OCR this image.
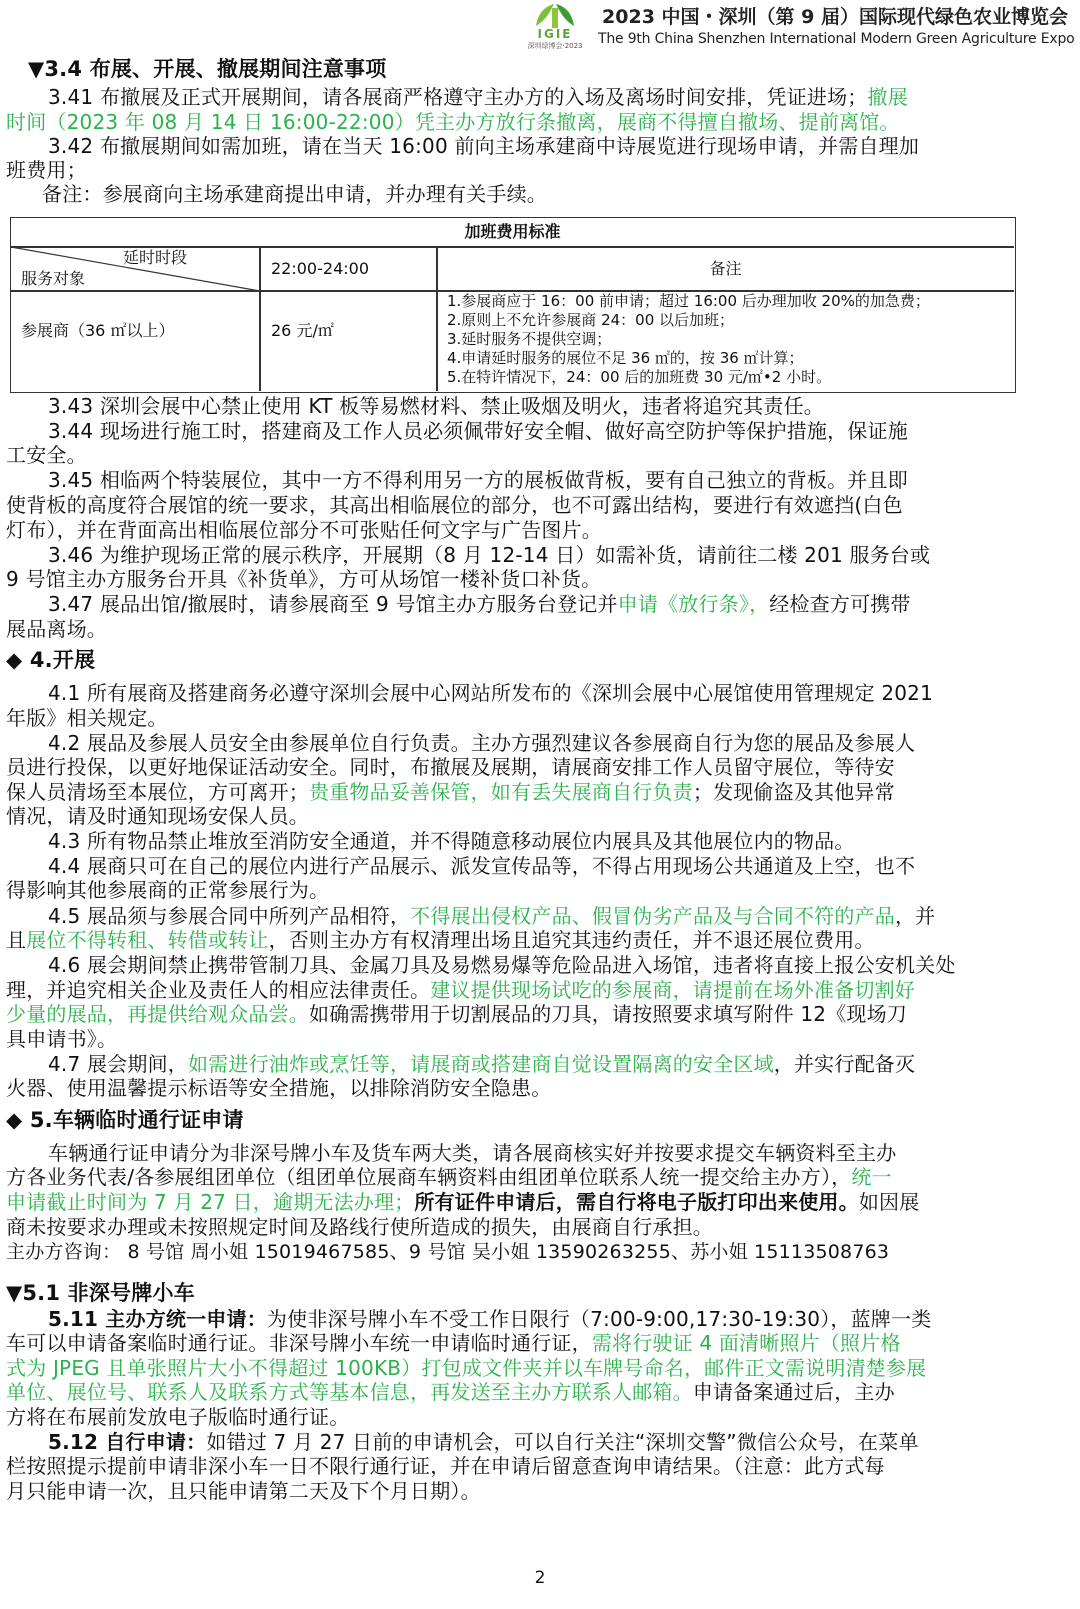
IGIE
深圳绿博会·2023
2023 中国・深圳（第 9 届）国际现代绿色农业博览会
The 9th China Shenzhen International Modern Green Agriculture Expo
▼3.4 布展、开展、撤展期间注意事项
3.41 布撤展及正式开展期间，请各展商严格遵守主办方的入场及离场时间安排，凭证进场；撤展
时间（2023 年 08 月 14 日 16:00-22:00）凭主办方放行条撤离，展商不得擅自撤场、提前离馆。
3.42 布撤展期间如需加班，请在当天 16:00 前向主场承建商中诗展览进行现场申请，并需自理加
班费用；
备注：参展商向主场承建商提出申请，并办理有关手续。
加班费用标准
延时时段
服务对象
22:00-24:00	备注
参展商（36 ㎡以上）	26 元/㎡
1.参展商应于 16：00 前申请；超过 16:00 后办理加收 20%的加急费；
2.原则上不允许参展商 24：00 以后加班；
3.延时服务不提供空调；
4.申请延时服务的展位不足 36 ㎡的，按 36 ㎡计算；
5.在特许情况下，24：00 后的加班费 30 元/㎡•2 小时。
3.43 深圳会展中心禁止使用 KT 板等易燃材料、禁止吸烟及明火，违者将追究其责任。
3.44 现场进行施工时，搭建商及工作人员必须佩带好安全帽、做好高空防护等保护措施，保证施
工安全。
3.45 相临两个特装展位，其中一方不得利用另一方的展板做背板，要有自己独立的背板。并且即
使背板的高度符合展馆的统一要求，其高出相临展位的部分，也不可露出结构，要进行有效遮挡(白色
灯布），并在背面高出相临展位部分不可张贴任何文字与广告图片。
3.46 为维护现场正常的展示秩序，开展期（8 月 12-14 日）如需补货，请前往二楼 201 服务台或
9 号馆主办方服务台开具《补货单》，方可从场馆一楼补货口补货。
3.47 展品出馆/撤展时，请参展商至 9 号馆主办方服务台登记并申请《放行条》，经检查方可携带
展品离场。
◆ 4.开展
4.1 所有展商及搭建商务必遵守深圳会展中心网站所发布的《深圳会展中心展馆使用管理规定 2021
年版》相关规定。
4.2 展品及参展人员安全由参展单位自行负责。主办方强烈建议各参展商自行为您的展品及参展人
员进行投保，以更好地保证活动安全。同时，布撤展及展期，请展商安排工作人员留守展位，等待安
保人员清场至本展位，方可离开；贵重物品妥善保管，如有丢失展商自行负责；发现偷盗及其他异常
情况，请及时通知现场安保人员。
4.3 所有物品禁止堆放至消防安全通道，并不得随意移动展位内展具及其他展位内的物品。
4.4 展商只可在自己的展位内进行产品展示、派发宣传品等，不得占用现场公共通道及上空，也不
得影响其他参展商的正常参展行为。
4.5 展品须与参展合同中所列产品相符，不得展出侵权产品、假冒伪劣产品及与合同不符的产品，并
且展位不得转租、转借或转让，否则主办方有权清理出场且追究其违约责任，并不退还展位费用。
4.6 展会期间禁止携带管制刀具、金属刀具及易燃易爆等危险品进入场馆，违者将直接上报公安机关处
理，并追究相关企业及责任人的相应法律责任。建议提供现场试吃的参展商，请提前在场外准备切割好
少量的展品，再提供给观众品尝。如确需携带用于切割展品的刀具，请按照要求填写附件 12《现场刀
具申请书》。
4.7 展会期间，如需进行油炸或烹饪等，请展商或搭建商自觉设置隔离的安全区域，并实行配备灭
火器、使用温馨提示标语等安全措施，以排除消防安全隐患。
◆ 5.车辆临时通行证申请
车辆通行证申请分为非深号牌小车及货车两大类，请各展商核实好并按要求提交车辆资料至主办
方各业务代表/各参展组团单位（组团单位展商车辆资料由组团单位联系人统一提交给主办方），统一
申请截止时间为 7 月 27 日，逾期无法办理；所有证件申请后，需自行将电子版打印出来使用。如因展
商未按要求办理或未按照规定时间及路线行使所造成的损失，由展商自行承担。
主办方咨询： 8 号馆 周小姐 15019467585、9 号馆 吴小姐 13590263255、苏小姐 15113508763
▼5.1 非深号牌小车
5.11 主办方统一申请：为使非深号牌小车不受工作日限行（7:00-9:00,17:30-19:30），蓝牌一类
车可以申请备案临时通行证。非深号牌小车统一申请临时通行证，需将行驶证 4 面清晰照片（照片格
式为 JPEG 且单张照片大小不得超过 100KB）打包成文件夹并以车牌号命名，邮件正文需说明清楚参展
单位、展位号、联系人及联系方式等基本信息，再发送至主办方联系人邮箱。申请备案通过后，主办
方将在布展前发放电子版临时通行证。
5.12 自行申请：如错过 7 月 27 日前的申请机会，可以自行关注“深圳交警”微信公众号，在菜单
栏按照提示提前申请非深小车一日不限行通行证，并在申请后留意查询申请结果。（注意：此方式每
月只能申请一次，且只能申请第二天及下个月日期）。
2
